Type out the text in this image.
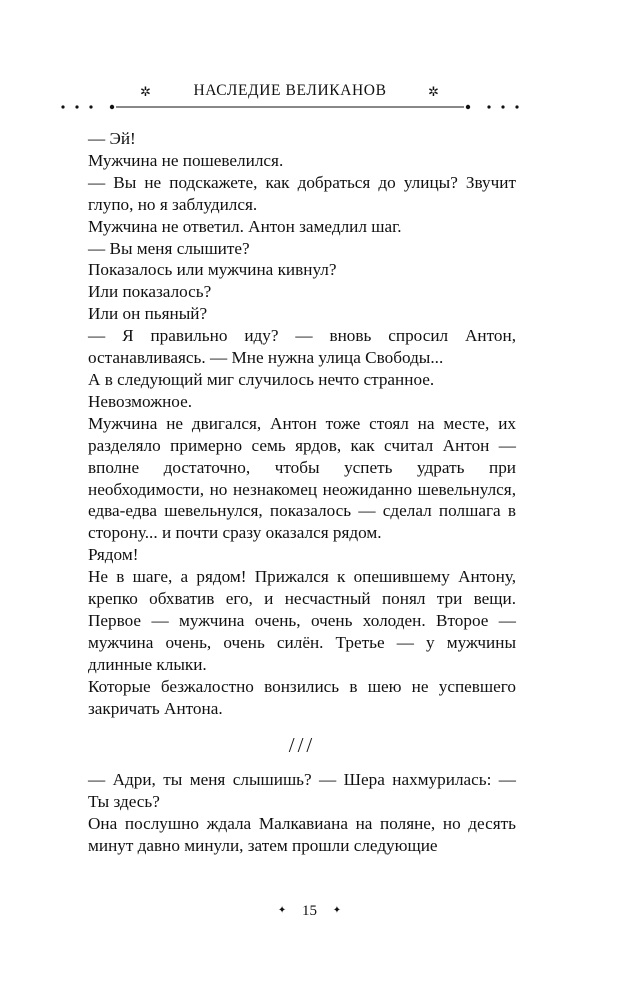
✲	НАСЛЕДИЕ ВЕЛИКАНОВ	✲

— Эй!

Мужчина не пошевелился.

— Вы не подскажете, как добраться до улицы? Звучит глупо, но я заблудился.

Мужчина не ответил. Антон замедлил шаг.

— Вы меня слышите?

Показалось или мужчина кивнул?

Или показалось?

Или он пьяный?

— Я правильно иду? — вновь спросил Антон, останавливаясь. — Мне нужна улица Свободы...

А в следующий миг случилось нечто странное.

Невозможное.

Мужчина не двигался, Антон тоже стоял на месте, их разделяло примерно семь ярдов, как считал Антон — вполне достаточно, чтобы успеть удрать при необходимости, но незнакомец неожиданно шевельнулся, едва-едва шевельнулся, показалось — сделал полшага в сторону... и почти сразу оказался рядом.

Рядом!

Не в шаге, а рядом! Прижался к опешившему Антону, крепко обхватив его, и несчастный понял три вещи. Первое — мужчина очень, очень холоден. Второе — мужчина очень, очень силён. Третье — у мужчины длинные клыки.

Которые безжалостно вонзились в шею не успевшего закричать Антона.

///

— Адри, ты меня слышишь? — Шера нахмурилась: — Ты здесь?

Она послушно ждала Малкавиана на поляне, но десять минут давно минули, затем прошли следующие

✦ 15 ✦
